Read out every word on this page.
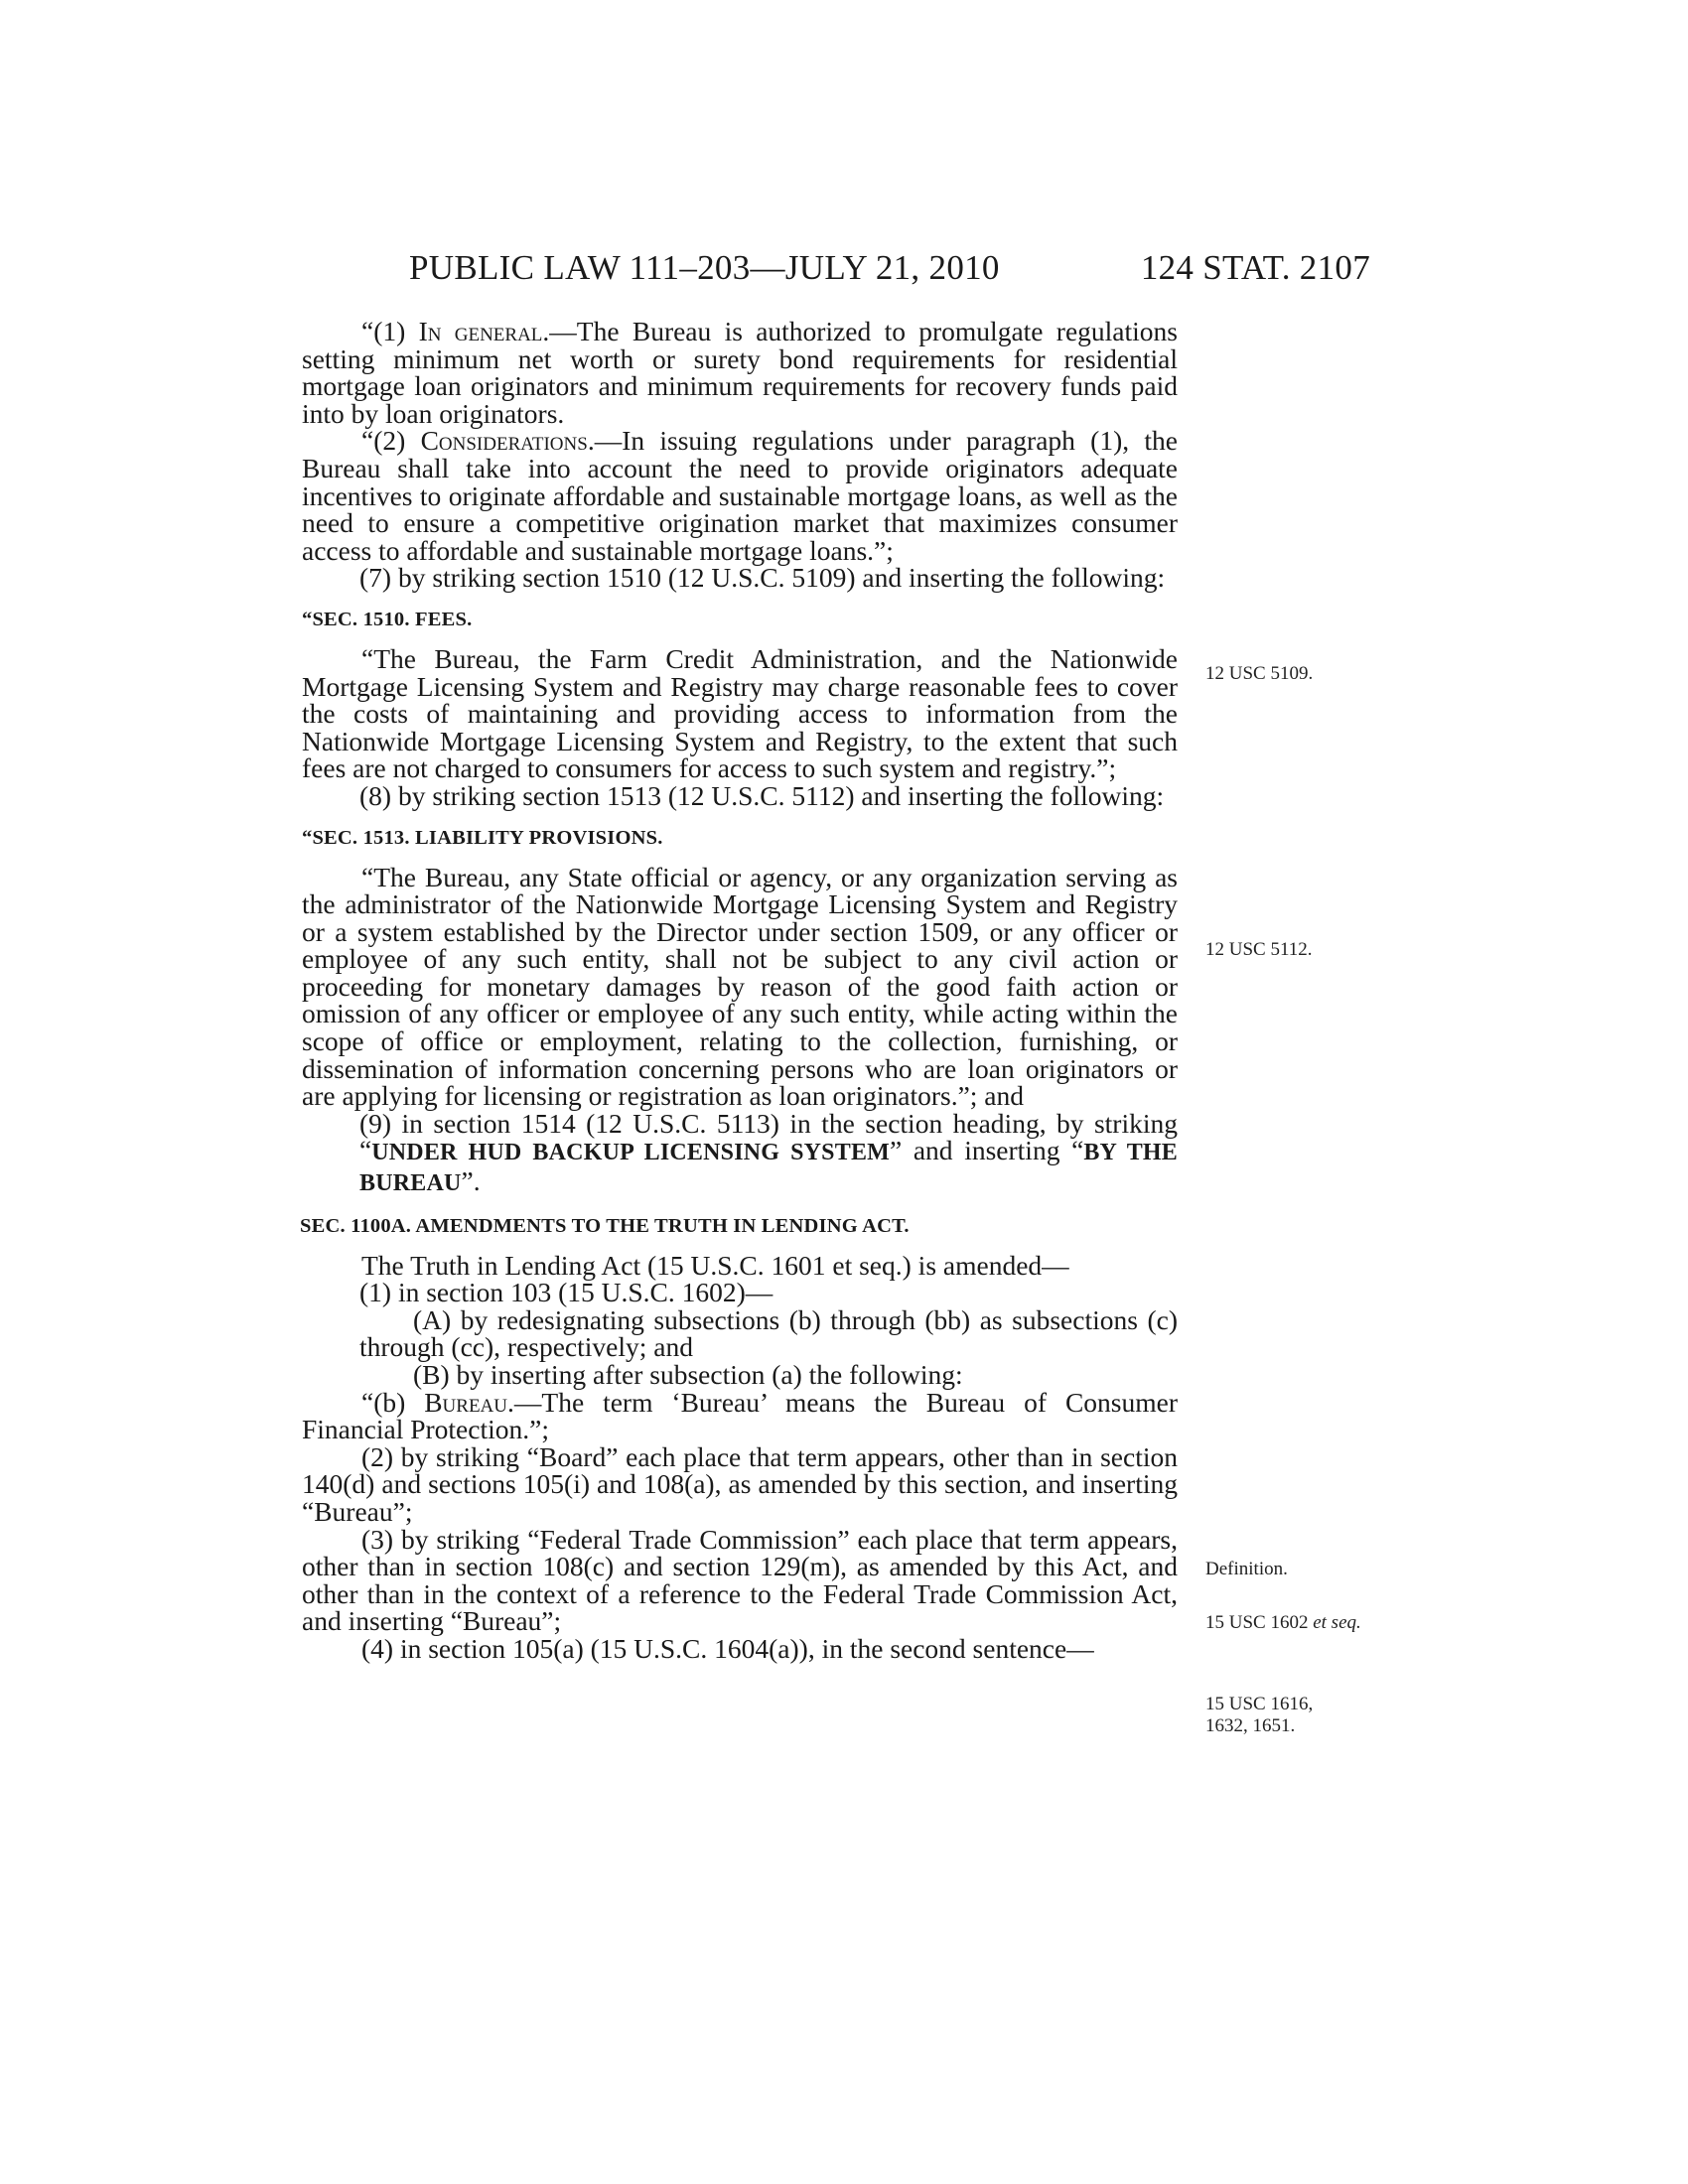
PUBLIC LAW 111–203—JULY 21, 2010	124 STAT. 2107

“(1) In general.—The Bureau is authorized to promulgate regulations setting minimum net worth or surety bond requirements for residential mortgage loan originators and minimum requirements for recovery funds paid into by loan originators.

“(2) Considerations.—In issuing regulations under paragraph (1), the Bureau shall take into account the need to provide originators adequate incentives to originate affordable and sustainable mortgage loans, as well as the need to ensure a competitive origination market that maximizes consumer access to affordable and sustainable mortgage loans.”;

(7) by striking section 1510 (12 U.S.C. 5109) and inserting the following:

“SEC. 1510. FEES.

“The Bureau, the Farm Credit Administration, and the Nationwide Mortgage Licensing System and Registry may charge reasonable fees to cover the costs of maintaining and providing access to information from the Nationwide Mortgage Licensing System and Registry, to the extent that such fees are not charged to consumers for access to such system and registry.”;

(8) by striking section 1513 (12 U.S.C. 5112) and inserting the following:

“SEC. 1513. LIABILITY PROVISIONS.

“The Bureau, any State official or agency, or any organization serving as the administrator of the Nationwide Mortgage Licensing System and Registry or a system established by the Director under section 1509, or any officer or employee of any such entity, shall not be subject to any civil action or proceeding for monetary damages by reason of the good faith action or omission of any officer or employee of any such entity, while acting within the scope of office or employment, relating to the collection, furnishing, or dissemination of information concerning persons who are loan originators or are applying for licensing or registration as loan originators.”; and

(9) in section 1514 (12 U.S.C. 5113) in the section heading, by striking “UNDER HUD BACKUP LICENSING SYSTEM” and inserting “BY THE BUREAU”.

SEC. 1100A. AMENDMENTS TO THE TRUTH IN LENDING ACT.

The Truth in Lending Act (15 U.S.C. 1601 et seq.) is amended—

(1) in section 103 (15 U.S.C. 1602)—

(A) by redesignating subsections (b) through (bb) as subsections (c) through (cc), respectively; and

(B) by inserting after subsection (a) the following:

“(b) Bureau.—The term ‘Bureau’ means the Bureau of Consumer Financial Protection.”;

(2) by striking “Board” each place that term appears, other than in section 140(d) and sections 105(i) and 108(a), as amended by this section, and inserting “Bureau”;

(3) by striking “Federal Trade Commission” each place that term appears, other than in section 108(c) and section 129(m), as amended by this Act, and other than in the context of a reference to the Federal Trade Commission Act, and inserting “Bureau”;

(4) in section 105(a) (15 U.S.C. 1604(a)), in the second sentence—

12 USC 5109.
12 USC 5112.
Definition.
15 USC 1602 et seq.
15 USC 1616,
1632, 1651.
